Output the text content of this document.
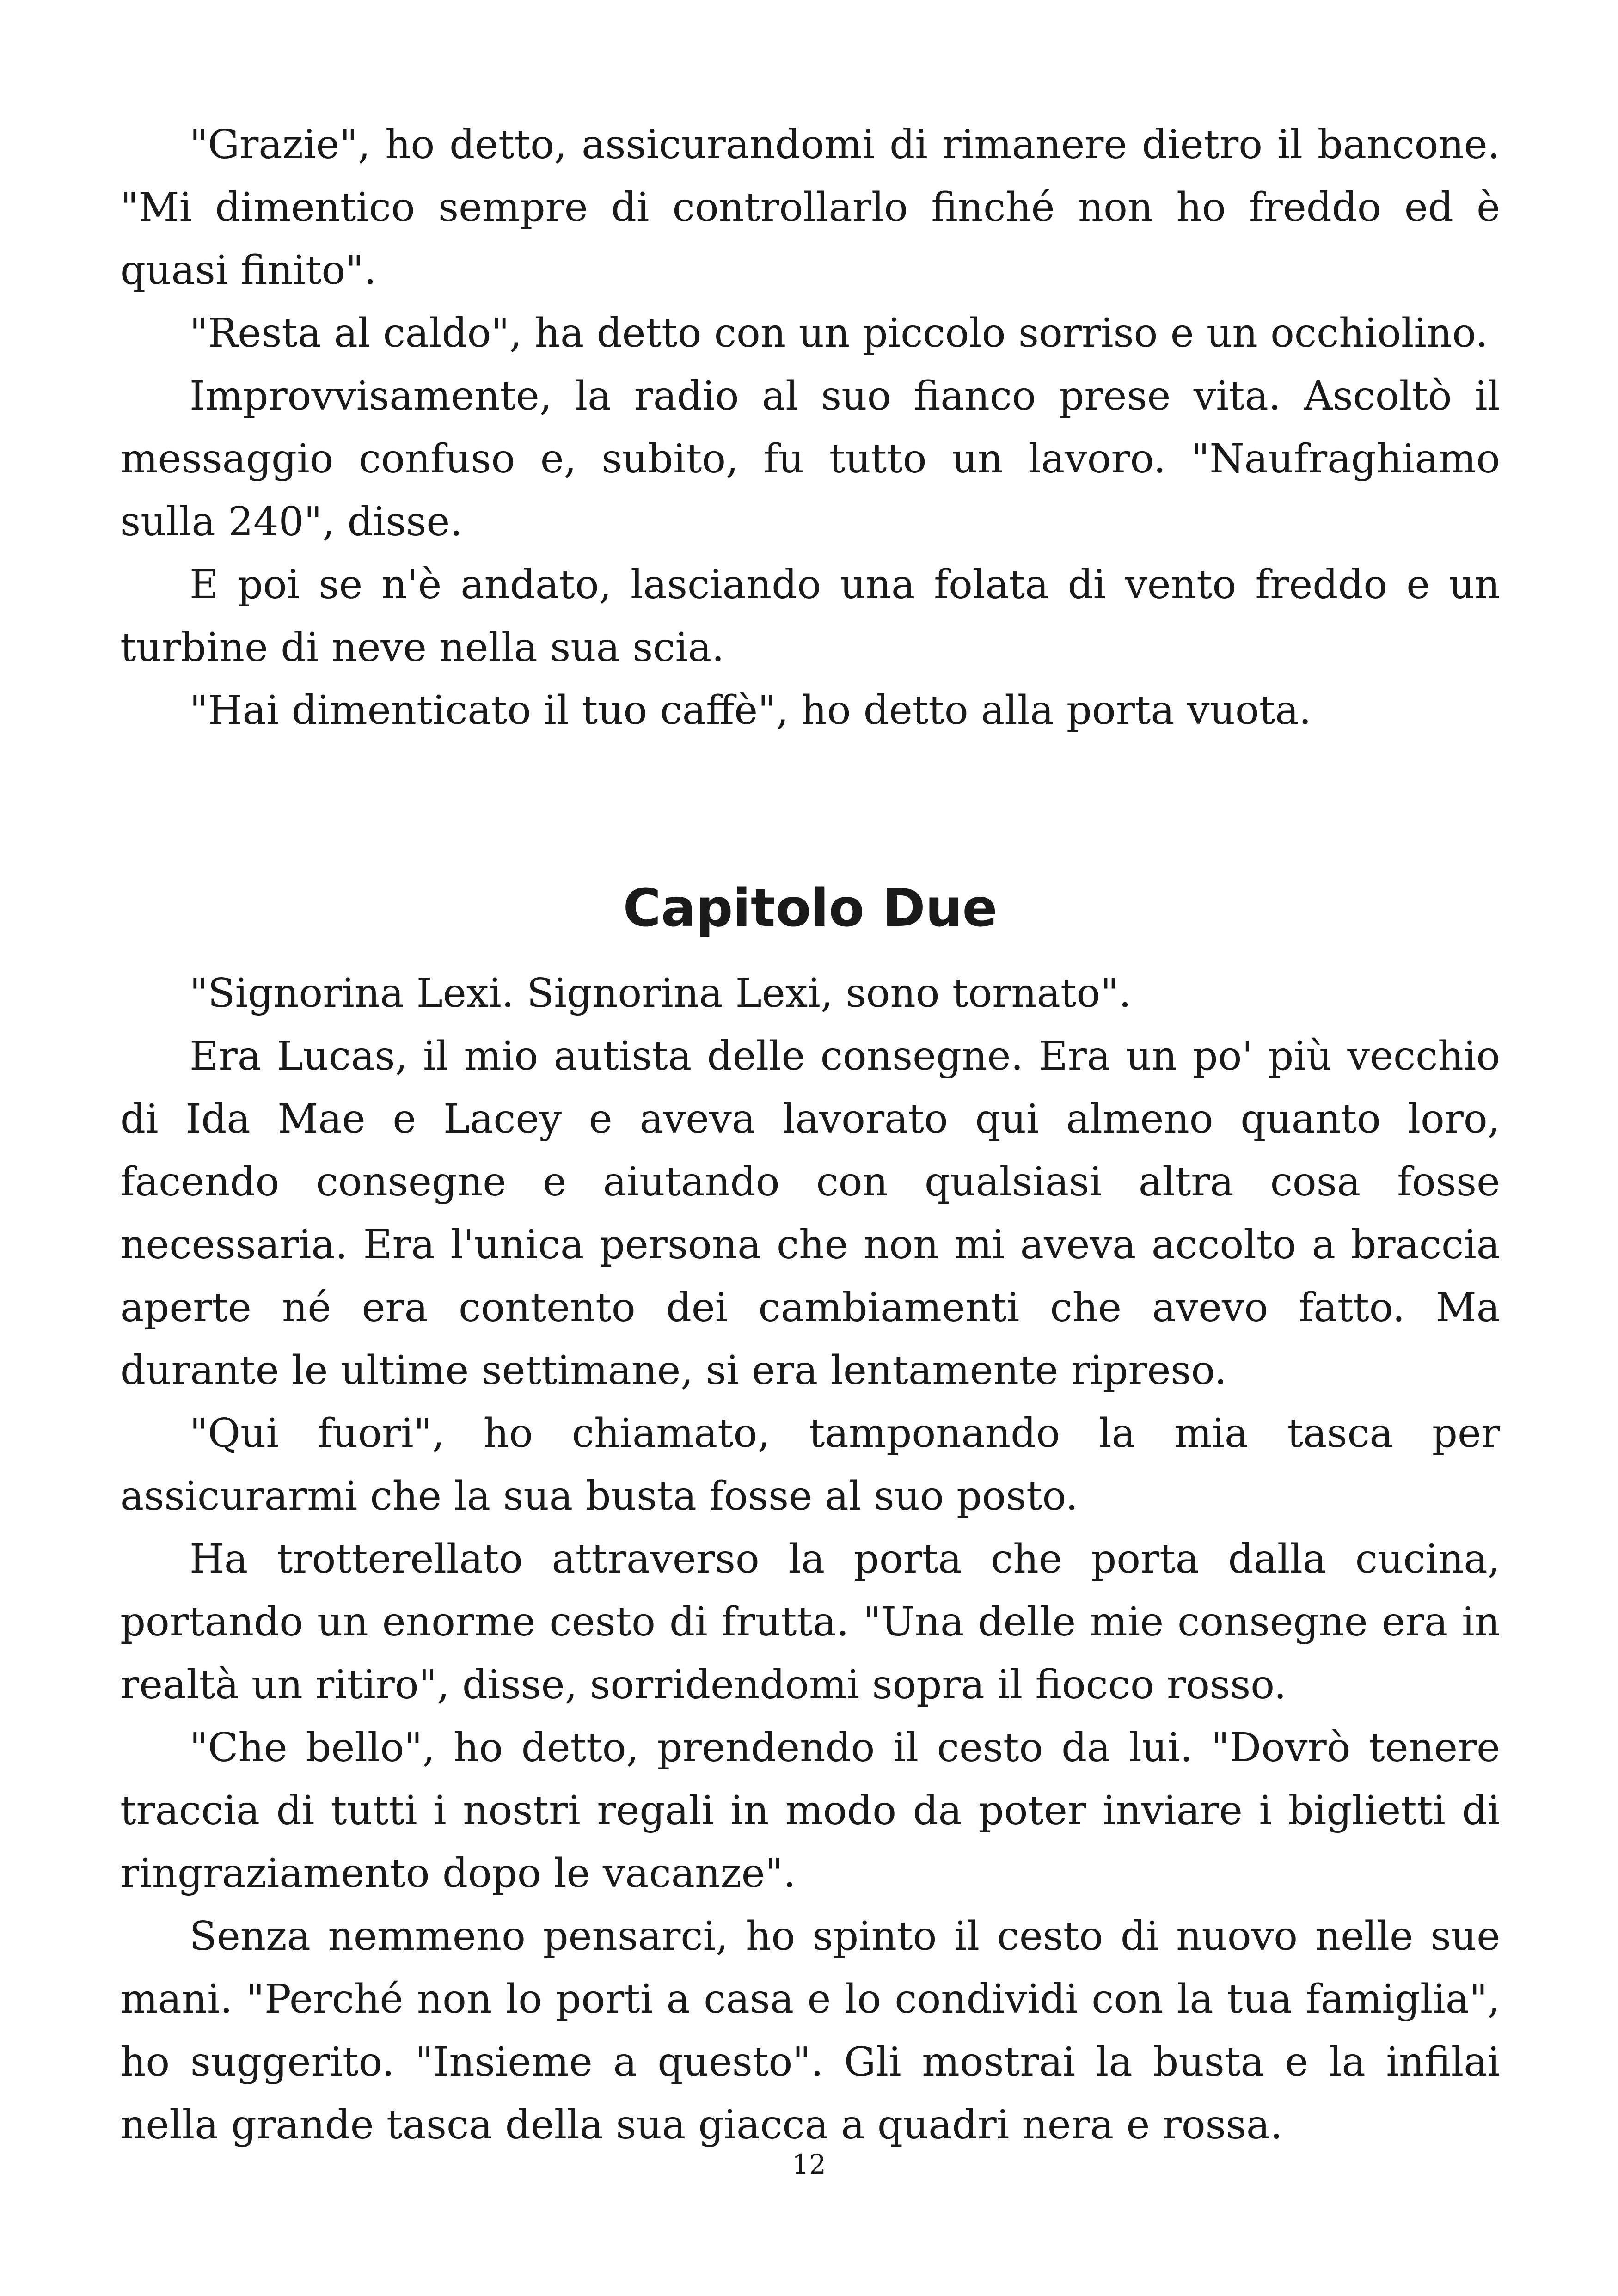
"Grazie", ho detto, assicurandomi di rimanere dietro il bancone. "Mi dimentico sempre di controllarlo finché non ho freddo ed è quasi finito".

"Resta al caldo", ha detto con un piccolo sorriso e un occhiolino.

Improvvisamente, la radio al suo fianco prese vita. Ascoltò il messaggio confuso e, subito, fu tutto un lavoro. "Naufraghiamo sulla 240", disse.

E poi se n'è andato, lasciando una folata di vento freddo e un turbine di neve nella sua scia.

"Hai dimenticato il tuo caffè", ho detto alla porta vuota.

Capitolo Due

"Signorina Lexi. Signorina Lexi, sono tornato".

Era Lucas, il mio autista delle consegne. Era un po' più vecchio di Ida Mae e Lacey e aveva lavorato qui almeno quanto loro, facendo consegne e aiutando con qualsiasi altra cosa fosse necessaria. Era l'unica persona che non mi aveva accolto a braccia aperte né era contento dei cambiamenti che avevo fatto. Ma durante le ultime settimane, si era lentamente ripreso.

"Qui fuori", ho chiamato, tamponando la mia tasca per assicurarmi che la sua busta fosse al suo posto.

Ha trotterellato attraverso la porta che porta dalla cucina, portando un enorme cesto di frutta. "Una delle mie consegne era in realtà un ritiro", disse, sorridendomi sopra il fiocco rosso.

"Che bello", ho detto, prendendo il cesto da lui. "Dovrò tenere traccia di tutti i nostri regali in modo da poter inviare i biglietti di ringraziamento dopo le vacanze".

Senza nemmeno pensarci, ho spinto il cesto di nuovo nelle sue mani. "Perché non lo porti a casa e lo condividi con la tua famiglia", ho suggerito. "Insieme a questo". Gli mostrai la busta e la infilai nella grande tasca della sua giacca a quadri nera e rossa.

12
